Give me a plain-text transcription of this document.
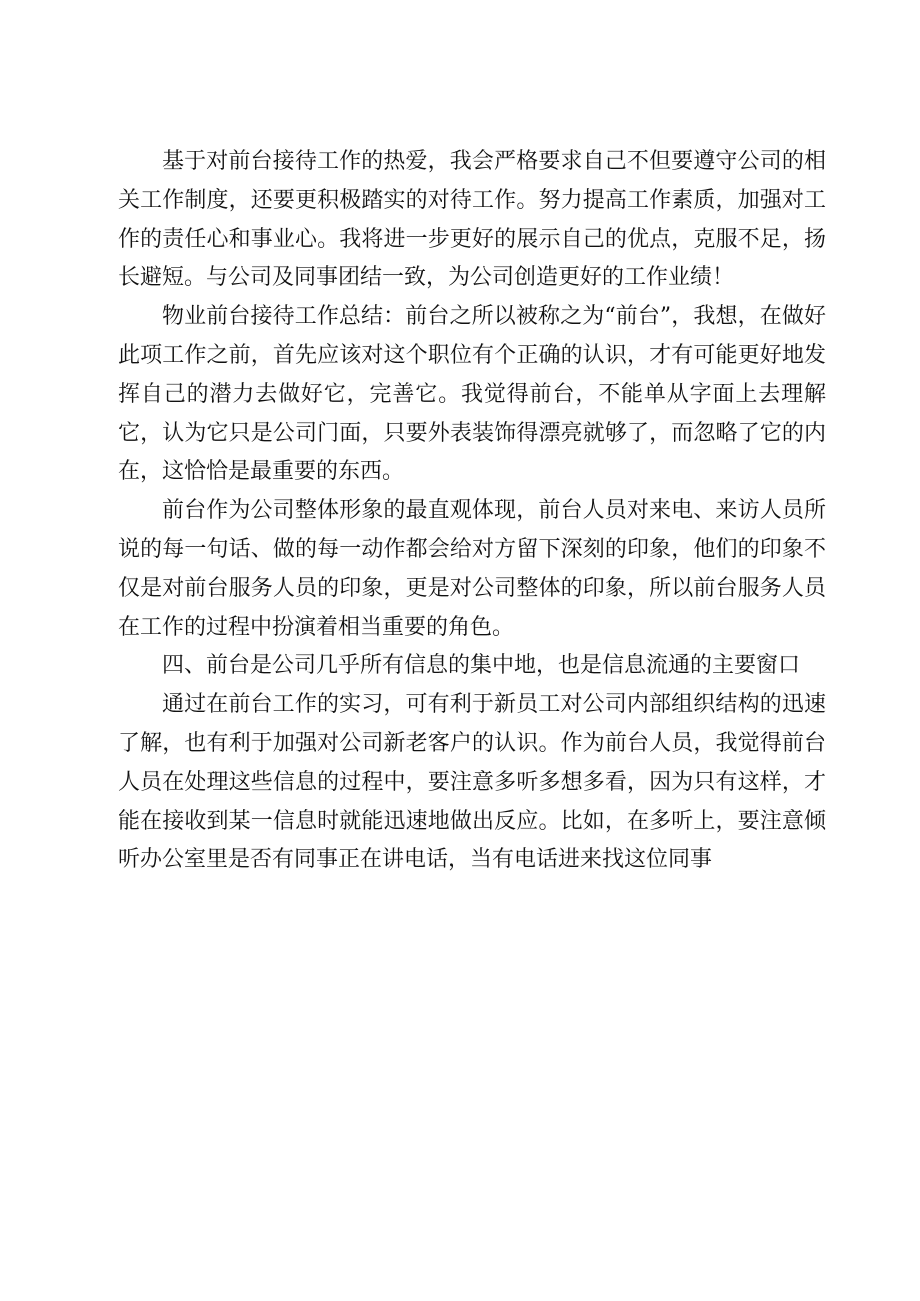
基于对前台接待工作的热爱，我会严格要求自己不但要遵守公司的相关工作制度，还要更积极踏实的对待工作。努力提高工作素质，加强对工作的责任心和事业心。我将进一步更好的展示自己的优点，克服不足，扬长避短。与公司及同事团结一致，为公司创造更好的工作业绩！

物业前台接待工作总结：前台之所以被称之为“前台”，我想，在做好此项工作之前，首先应该对这个职位有个正确的认识，才有可能更好地发挥自己的潜力去做好它，完善它。我觉得前台，不能单从字面上去理解它，认为它只是公司门面，只要外表装饰得漂亮就够了，而忽略了它的内在，这恰恰是最重要的东西。

前台作为公司整体形象的最直观体现，前台人员对来电、来访人员所说的每一句话、做的每一动作都会给对方留下深刻的印象，他们的印象不仅是对前台服务人员的印象，更是对公司整体的印象，所以前台服务人员在工作的过程中扮演着相当重要的角色。

四、前台是公司几乎所有信息的集中地，也是信息流通的主要窗口

通过在前台工作的实习，可有利于新员工对公司内部组织结构的迅速了解，也有利于加强对公司新老客户的认识。作为前台人员，我觉得前台人员在处理这些信息的过程中，要注意多听多想多看，因为只有这样，才能在接收到某一信息时就能迅速地做出反应。比如，在多听上，要注意倾听办公室里是否有同事正在讲电话，当有电话进来找这位同事
